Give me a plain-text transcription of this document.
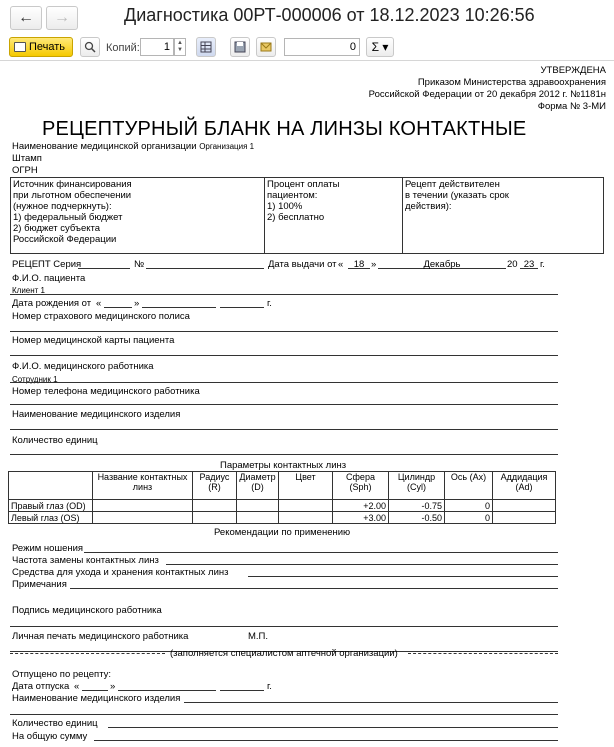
← →	Диагностика 00РТ-000006 от 18.12.2023 10:26:56
Печать	Копий:	1	▲
▼	0	Σ ▾
УТВЕРЖДЕНА
Приказом Министерства здравоохранения
Российской Федерации от 20 декабря 2012 г. №1181н
Форма № 3-МИ
РЕЦЕПТУРНЫЙ БЛАНК НА ЛИНЗЫ КОНТАКТНЫЕ
Наименование медицинской организации Организация 1
Штамп
ОГРН
Источник финансирования
при льготном обеспечении
(нужное подчеркнуть):
1) федеральный бюджет
2) бюджет субъекта
Российской Федерации	Процент оплаты
пациентом:
1) 100%
2) бесплатно	Рецепт действителен
в течении (указать срок
действия):
РЕЦЕПТ Серия	№	Дата выдачи от «	18 »	Декабрь	20 23 г.
Ф.И.О. пациента
Клиент 1
Дата рождения от «	»	г.
Номер страхового медицинского полиса
Номер медицинской карты пациента
Ф.И.О. медицинского работника
Сотрудник 1
Номер телефона медицинского работника
Наименование медицинского изделия
Количество единиц
Параметры контактных линз
	Название контактных линз	Радиус (R)	Диаметр (D)	Цвет	Сфера (Sph)	Цилиндр (Cyl)	Ось (Ax)	Аддидация (Ad)
Правый глаз (OD)					+2.00	-0.75	0	
Левый глаз (OS)					+3.00	-0.50	0	
Рекомендации по применению
Режим ношения
Частота замены контактных линз
Средства для ухода и хранения контактных линз
Примечания
Подпись медицинского работника
Личная печать медицинского работника	М.П.
(заполняется специалистом аптечной организации)
Отпущено по рецепту:
Дата отпуска «	»	г.
Наименование медицинского изделия
Количество единиц
На общую сумму
